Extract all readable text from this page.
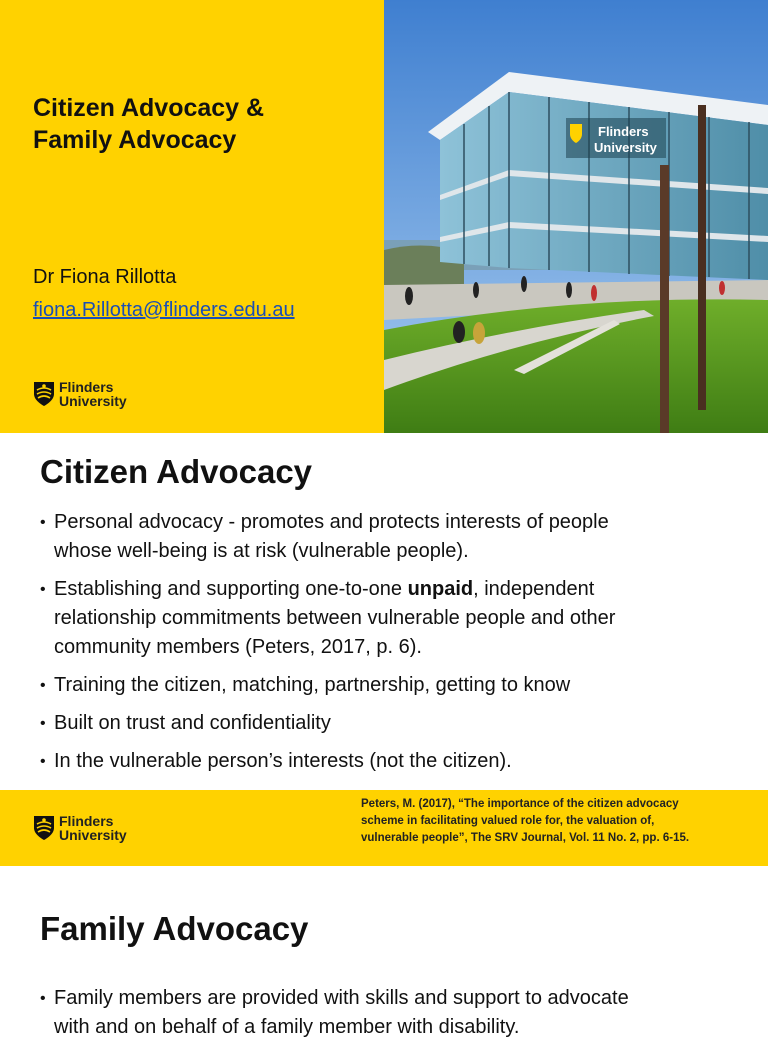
Citizen Advocacy &
Family Advocacy
Dr Fiona Rillotta
fiona.Rillotta@flinders.edu.au
Flinders
University
Flinders
University
Citizen Advocacy
• Personal advocacy - promotes and protects interests of people
whose well-being is at risk (vulnerable people).
• Establishing and supporting one-to-one unpaid, independent
relationship commitments between vulnerable people and other
community members (Peters, 2017, p. 6).
• Training the citizen, matching, partnership, getting to know
• Built on trust and confidentiality
• In the vulnerable person’s interests (not the citizen).
Flinders
University
Peters, M. (2017), “The importance of the citizen advocacy
scheme in facilitating valued role for, the valuation of,
vulnerable people”, The SRV Journal, Vol. 11 No. 2, pp. 6-15.
Family Advocacy
• Family members are provided with skills and support to advocate
with and on behalf of a family member with disability.
